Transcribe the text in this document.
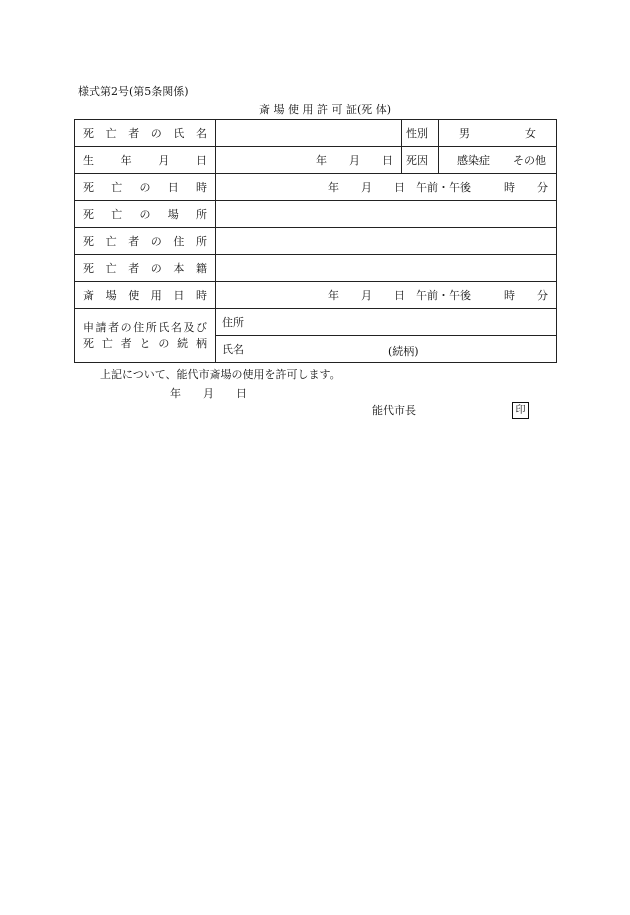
様式第2号(第5条関係)
斎 場 使 用 許 可 証(死 体)
死 亡 者 の 氏 名		性別	男 女

生 年 月 日	年　　月　　日	死因	感染症 その他

死 亡 の 日 時	年　　月　　日　午前・午後　　　時　　分		
死 亡 の 場 所			
死 亡 者 の 住 所			
死 亡 者 の 本 籍			
斎 場 使 用 日 時	年　　月　　日　午前・午後　　　時　　分		

申請者の住所氏名及び
死 亡 者 と の 続 柄	住所		
	氏名 (続柄)		
上記について、能代市斎場の使用を許可します。
年　　月　　日
能代市長	印
